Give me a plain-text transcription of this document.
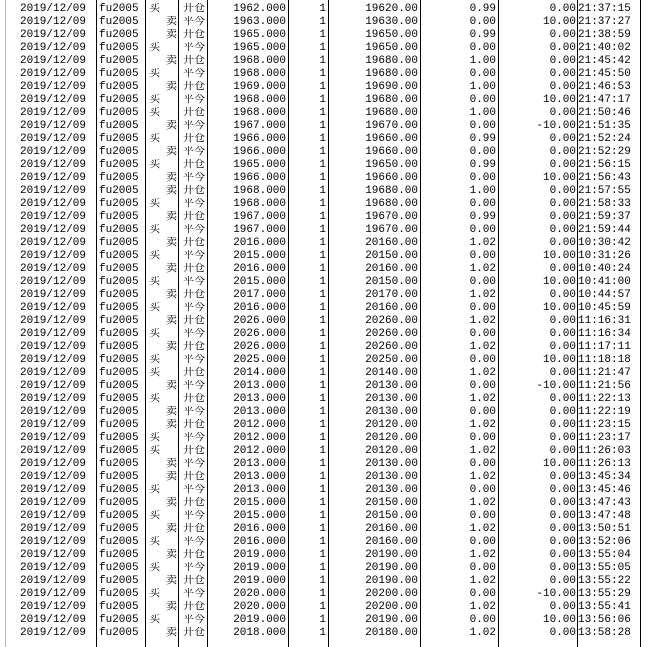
2019/12/09	fu2005 买	开仓	1962.000	1	19620.00	0.99	0.00 21:37:15
2019/12/09	fu2005	卖 平今	1963.000	1	19630.00	0.00	10.00 21:37:27
2019/12/09	fu2005	卖 开仓	1965.000	1	19650.00	0.99	0.00 21:38:59
2019/12/09	fu2005 买	平今	1965.000	1	19650.00	0.00	0.00 21:40:02
2019/12/09	fu2005	卖 开仓	1968.000	1	19680.00	1.00	0.00 21:45:42
2019/12/09	fu2005 买	平今	1968.000	1	19680.00	0.00	0.00 21:45:50
2019/12/09	fu2005	卖 开仓	1969.000	1	19690.00	1.00	0.00 21:46:53
2019/12/09	fu2005 买	平今	1968.000	1	19680.00	0.00	10.00 21:47:17
2019/12/09	fu2005 买	开仓	1968.000	1	19680.00	1.00	0.00 21:50:46
2019/12/09	fu2005	卖 平今	1967.000	1	19670.00	0.00	-10.00 21:51:35
2019/12/09	fu2005 买	开仓	1966.000	1	19660.00	0.99	0.00 21:52:24
2019/12/09	fu2005	卖 平今	1966.000	1	19660.00	0.00	0.00 21:52:29
2019/12/09	fu2005 买	开仓	1965.000	1	19650.00	0.99	0.00 21:56:15
2019/12/09	fu2005	卖 平今	1966.000	1	19660.00	0.00	10.00 21:56:43
2019/12/09	fu2005	卖 开仓	1968.000	1	19680.00	1.00	0.00 21:57:55
2019/12/09	fu2005 买	平今	1968.000	1	19680.00	0.00	0.00 21:58:33
2019/12/09	fu2005	卖 开仓	1967.000	1	19670.00	0.99	0.00 21:59:37
2019/12/09	fu2005 买	平今	1967.000	1	19670.00	0.00	0.00 21:59:44
2019/12/09	fu2005	卖 开仓	2016.000	1	20160.00	1.02	0.00 10:30:42
2019/12/09	fu2005 买	平今	2015.000	1	20150.00	0.00	10.00 10:31:26
2019/12/09	fu2005	卖 开仓	2016.000	1	20160.00	1.02	0.00 10:40:24
2019/12/09	fu2005 买	平今	2015.000	1	20150.00	0.00	10.00 10:41:00
2019/12/09	fu2005	卖 开仓	2017.000	1	20170.00	1.02	0.00 10:44:57
2019/12/09	fu2005 买	平今	2016.000	1	20160.00	0.00	10.00 10:45:59
2019/12/09	fu2005	卖 开仓	2026.000	1	20260.00	1.02	0.00 11:16:31
2019/12/09	fu2005 买	平今	2026.000	1	20260.00	0.00	0.00 11:16:34
2019/12/09	fu2005	卖 开仓	2026.000	1	20260.00	1.02	0.00 11:17:11
2019/12/09	fu2005 买	平今	2025.000	1	20250.00	0.00	10.00 11:18:18
2019/12/09	fu2005 买	开仓	2014.000	1	20140.00	1.02	0.00 11:21:47
2019/12/09	fu2005	卖 平今	2013.000	1	20130.00	0.00	-10.00 11:21:56
2019/12/09	fu2005 买	开仓	2013.000	1	20130.00	1.02	0.00 11:22:13
2019/12/09	fu2005	卖 平今	2013.000	1	20130.00	0.00	0.00 11:22:19
2019/12/09	fu2005	卖 开仓	2012.000	1	20120.00	1.02	0.00 11:23:15
2019/12/09	fu2005 买	平今	2012.000	1	20120.00	0.00	0.00 11:23:17
2019/12/09	fu2005 买	开仓	2012.000	1	20120.00	1.02	0.00 11:26:03
2019/12/09	fu2005	卖 平今	2013.000	1	20130.00	0.00	10.00 11:26:13
2019/12/09	fu2005	卖 开仓	2013.000	1	20130.00	1.02	0.00 13:45:34
2019/12/09	fu2005 买	平今	2013.000	1	20130.00	0.00	0.00 13:45:46
2019/12/09	fu2005	卖 开仓	2015.000	1	20150.00	1.02	0.00 13:47:43
2019/12/09	fu2005 买	平今	2015.000	1	20150.00	0.00	0.00 13:47:48
2019/12/09	fu2005	卖 开仓	2016.000	1	20160.00	1.02	0.00 13:50:51
2019/12/09	fu2005 买	平今	2016.000	1	20160.00	0.00	0.00 13:52:06
2019/12/09	fu2005	卖 开仓	2019.000	1	20190.00	1.02	0.00 13:55:04
2019/12/09	fu2005 买	平今	2019.000	1	20190.00	0.00	0.00 13:55:05
2019/12/09	fu2005	卖 开仓	2019.000	1	20190.00	1.02	0.00 13:55:22
2019/12/09	fu2005 买	平今	2020.000	1	20200.00	0.00	-10.00 13:55:29
2019/12/09	fu2005	卖 开仓	2020.000	1	20200.00	1.02	0.00 13:55:41
2019/12/09	fu2005 买	平今	2019.000	1	20190.00	0.00	10.00 13:56:06
2019/12/09	fu2005	卖 开仓	2018.000	1	20180.00	1.02	0.00 13:58:28
